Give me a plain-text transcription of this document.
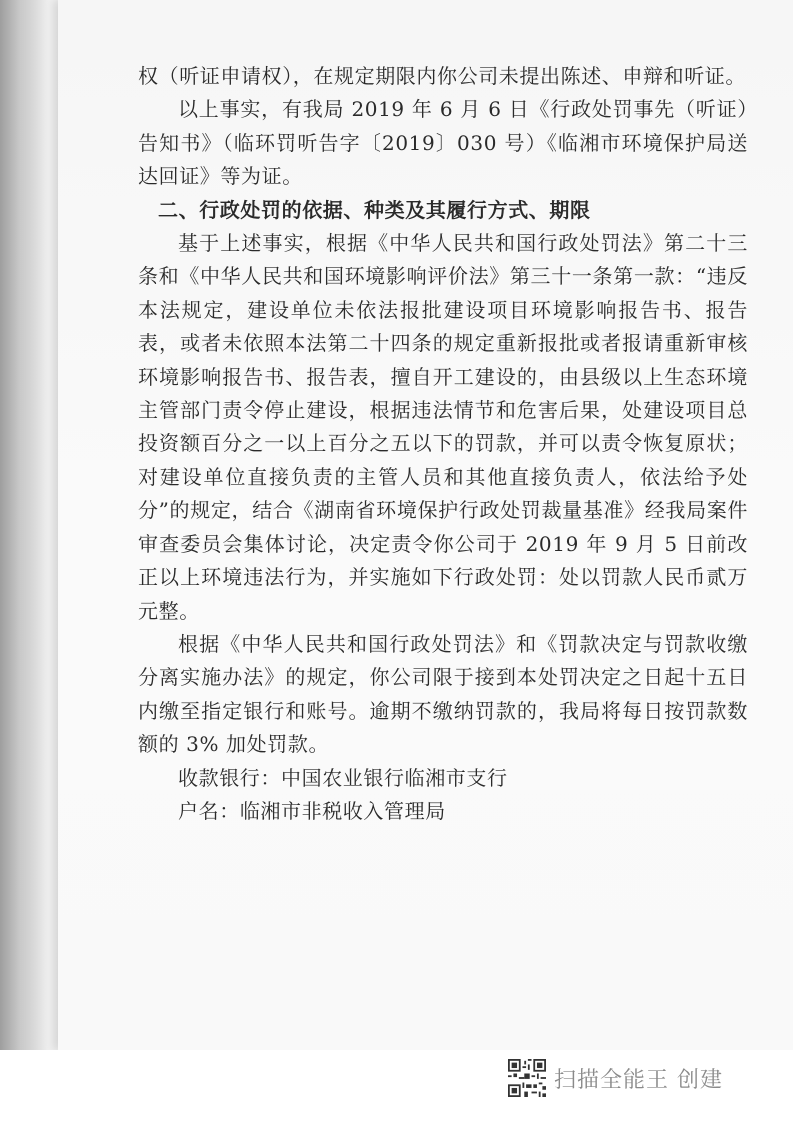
权（听证申请权），在规定期限内你公司未提出陈述、申辩和听证。

以上事实，有我局 2019 年 6 月 6 日《行政处罚事先（听证）告知书》（临环罚听告字〔2019〕030 号）《临湘市环境保护局送达回证》等为证。

二、行政处罚的依据、种类及其履行方式、期限

基于上述事实，根据《中华人民共和国行政处罚法》第二十三条和《中华人民共和国环境影响评价法》第三十一条第一款：“违反本法规定，建设单位未依法报批建设项目环境影响报告书、报告表，或者未依照本法第二十四条的规定重新报批或者报请重新审核环境影响报告书、报告表，擅自开工建设的，由县级以上生态环境主管部门责令停止建设，根据违法情节和危害后果，处建设项目总投资额百分之一以上百分之五以下的罚款，并可以责令恢复原状；对建设单位直接负责的主管人员和其他直接负责人，依法给予处分”的规定，结合《湖南省环境保护行政处罚裁量基准》经我局案件审查委员会集体讨论，决定责令你公司于 2019 年 9 月 5 日前改正以上环境违法行为，并实施如下行政处罚：处以罚款人民币贰万元整。

根据《中华人民共和国行政处罚法》和《罚款决定与罚款收缴分离实施办法》的规定，你公司限于接到本处罚决定之日起十五日内缴至指定银行和账号。逾期不缴纳罚款的，我局将每日按罚款数额的 3% 加处罚款。

收款银行：中国农业银行临湘市支行

户名：临湘市非税收入管理局

扫描全能王 创建
